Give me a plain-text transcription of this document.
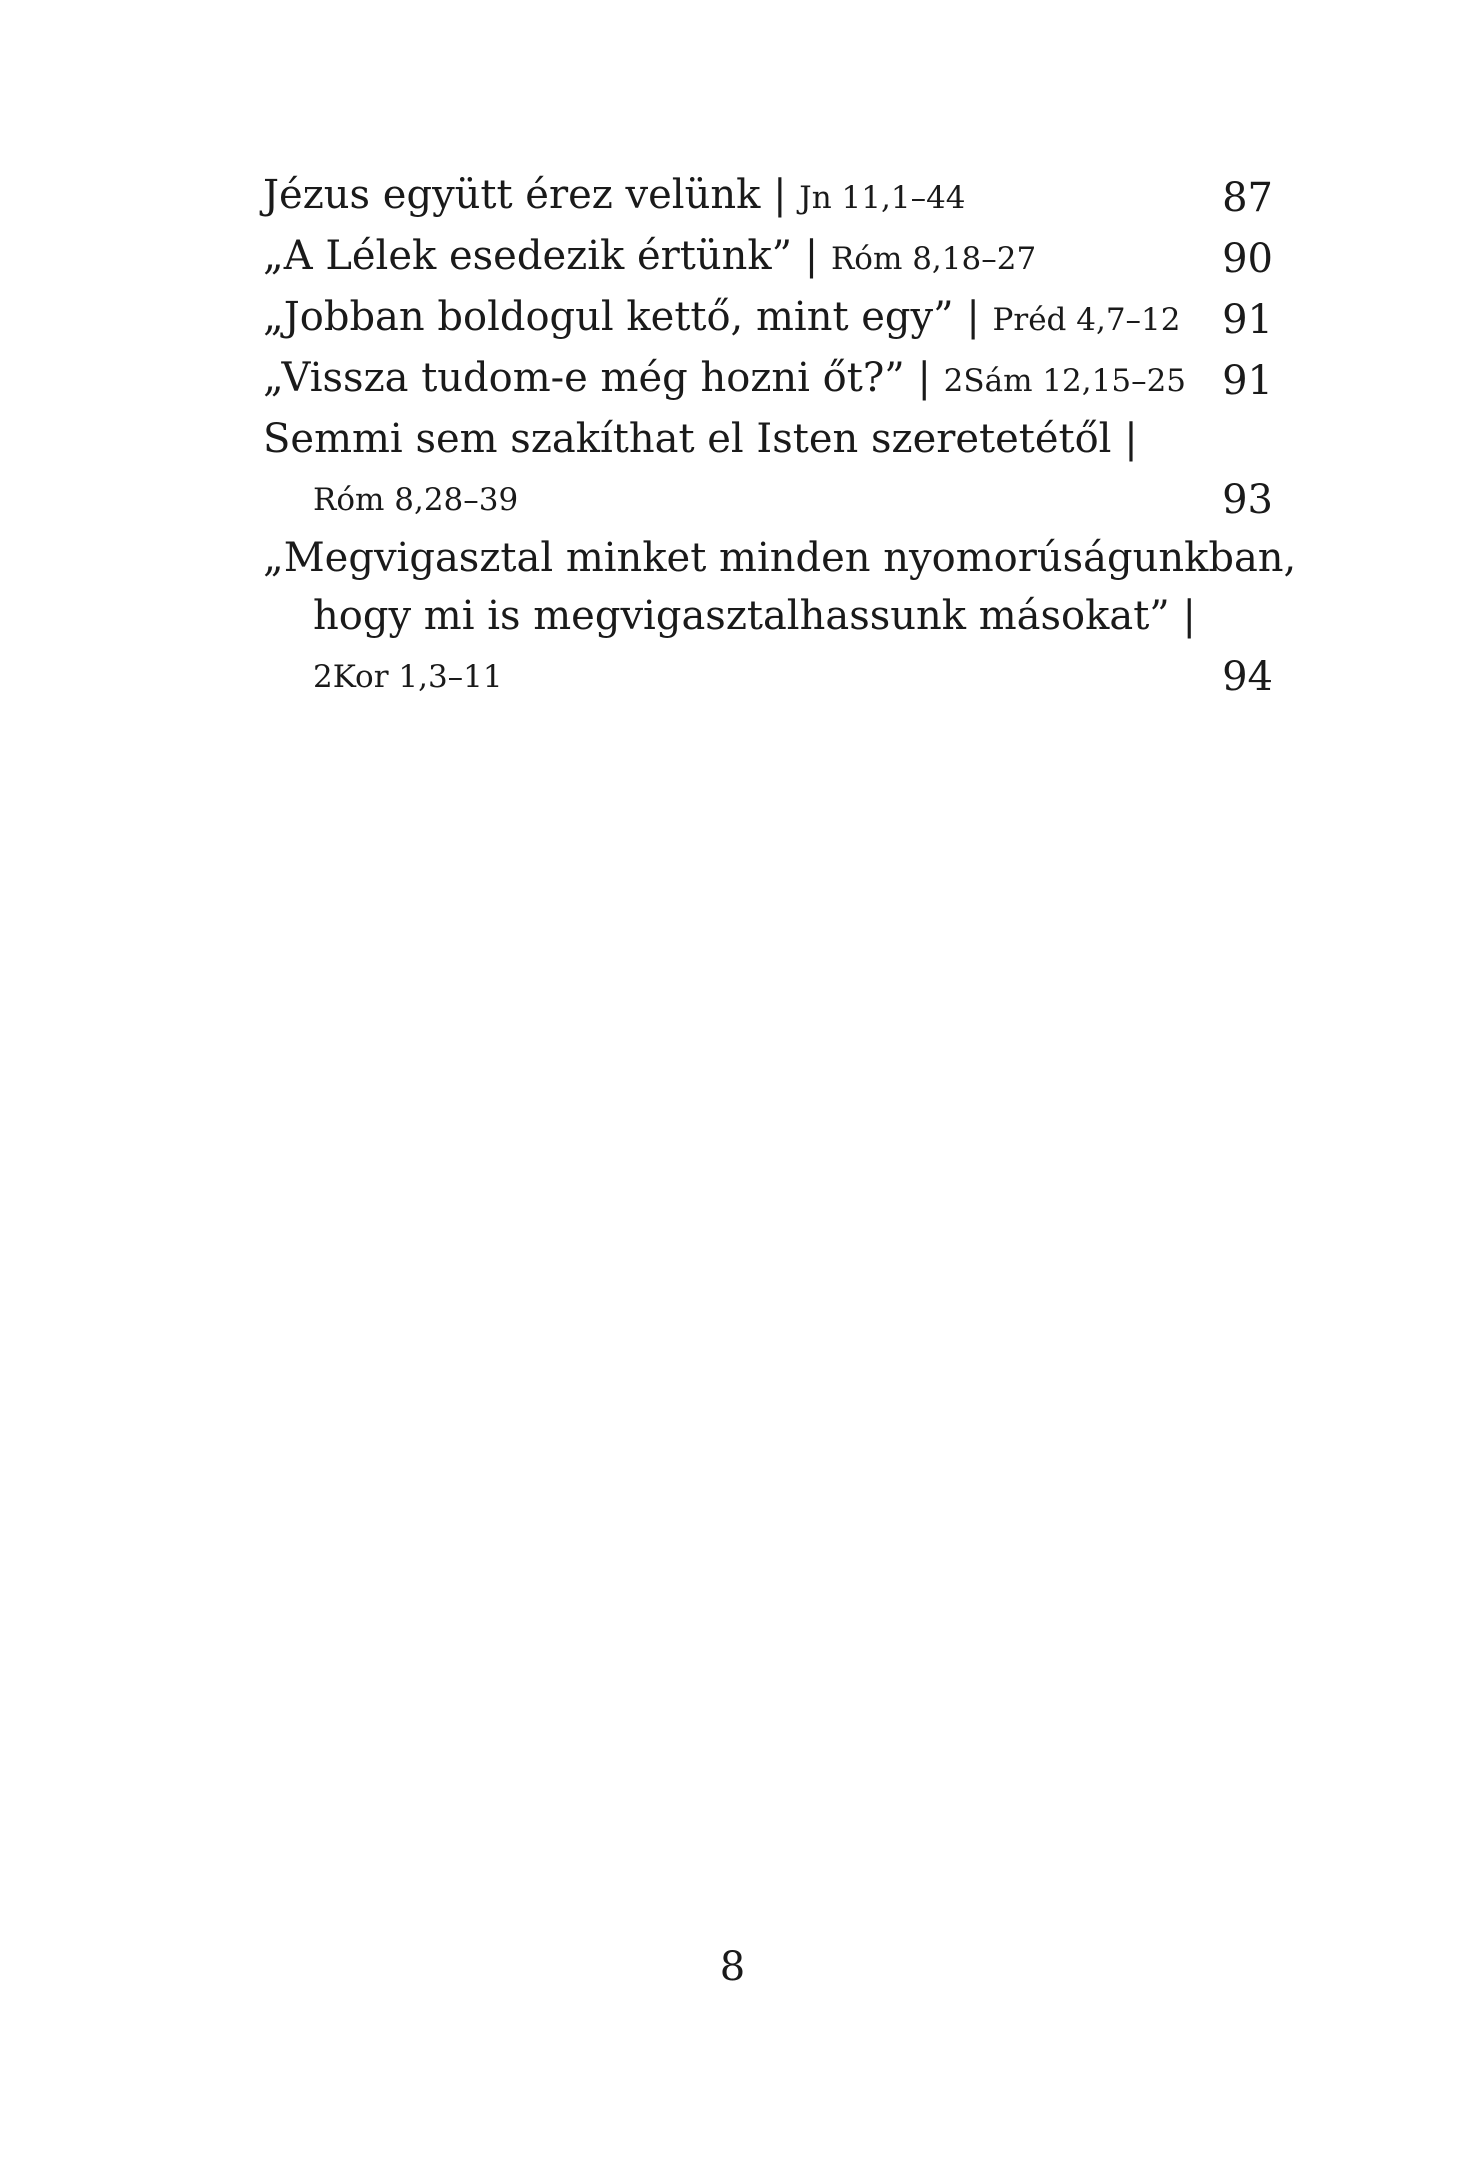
Jézus együtt érez velünk | Jn 11,1–44	87
„A Lélek esedezik értünk” | Róm 8,18–27	90
„Jobban boldogul kettő, mint egy” | Préd 4,7–12 91
„Vissza tudom-e még hozni őt?” | 2Sám 12,15–25 91
Semmi sem szakíthat el Isten szeretetétől |
Róm 8,28–39	93
„Megvigasztal minket minden nyomorúságunkban,
hogy mi is megvigasztalhassunk másokat” |
2Kor 1,3–11	94
8
